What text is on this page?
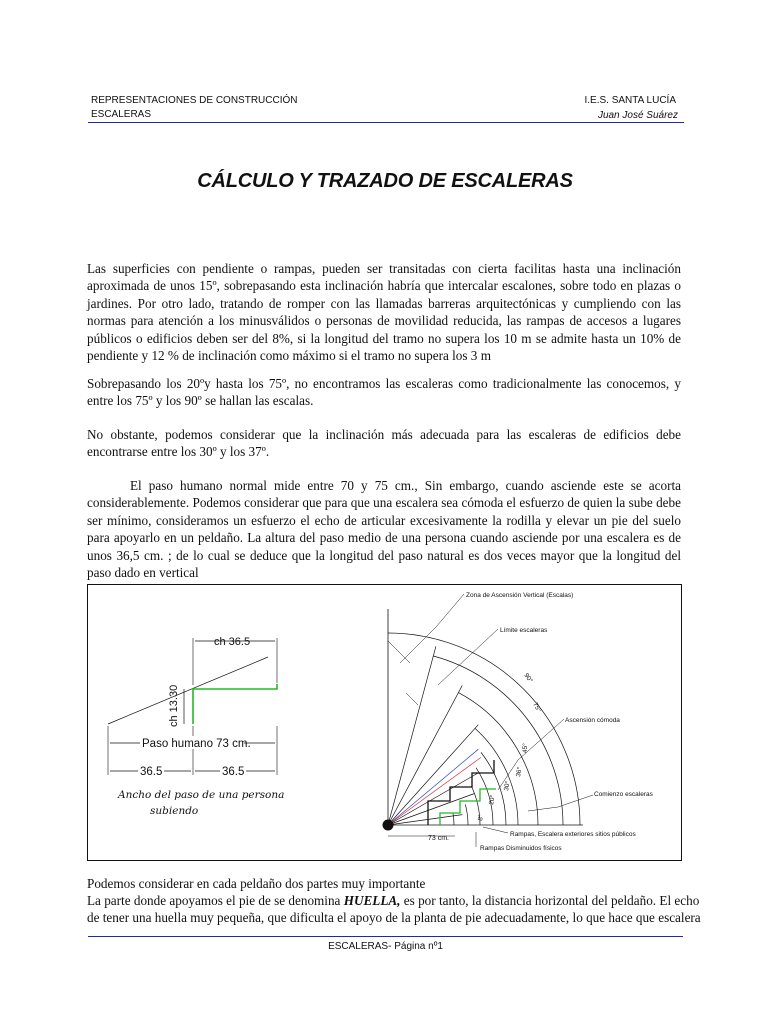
REPRESENTACIONES DE CONSTRUCCIÓN
ESCALERAS
I.E.S. SANTA LUCÍA
Juan José Suárez
CÁLCULO Y TRAZADO DE ESCALERAS

Las superficies con pendiente o rampas, pueden ser transitadas con cierta facilitas hasta una inclinación aproximada de unos 15º, sobrepasando esta inclinación habría que intercalar escalones, sobre todo en plazas o jardines. Por otro lado, tratando de romper con las llamadas barreras arquitectónicas y cumpliendo con las normas para atención a los minusválidos o personas de movilidad reducida, las rampas de accesos a lugares públicos o edificios deben ser del 8%, si la longitud del tramo no supera los 10 m se admite hasta un 10% de pendiente y 12 % de inclinación como máximo si el tramo no supera los 3 m

Sobrepasando los 20ºy hasta los 75º, no encontramos las escaleras como tradicionalmente las conocemos, y entre los 75º y los 90º se hallan las escalas.

No obstante, podemos considerar que la inclinación más adecuada para las escaleras de edificios debe encontrarse entre los 30º y los 37º.

El paso humano normal mide entre 70 y 75 cm., Sin embargo, cuando asciende este se acorta considerablemente. Podemos considerar que para que una escalera sea cómoda el esfuerzo de quien la sube debe ser mínimo, consideramos un esfuerzo el echo de articular excesivamente la rodilla y elevar un pie del suelo para apoyarlo en un peldaño. La altura del paso medio de una persona cuando asciende por una escalera es de unos 36,5 cm. ; de lo cual se deduce que la longitud del paso natural es dos veces mayor que la longitud del paso dado en vertical

ch 36.5
ch 13.30
Paso humano 73 cm.
36.5	36.5
Ancho del paso de una persona
subiendo
73 cm.
Zona de Ascensión Vertical (Escalas)
Límite escaleras
Ascensión cómoda
Comienzo escaleras
Rampas, Escalera exteriores sitios públicos
Rampas Disminuidos físicos
90°
75°
45°
36°
30°
20°
8°

Podemos considerar en cada peldaño dos partes muy importante

La parte donde apoyamos el pie de se denomina HUELLA, es por tanto, la distancia horizontal del peldaño. El echo

de tener una huella muy pequeña, que dificulta el apoyo de la planta de pie adecuadamente, lo que hace que escalera

ESCALERAS- Página nº1
